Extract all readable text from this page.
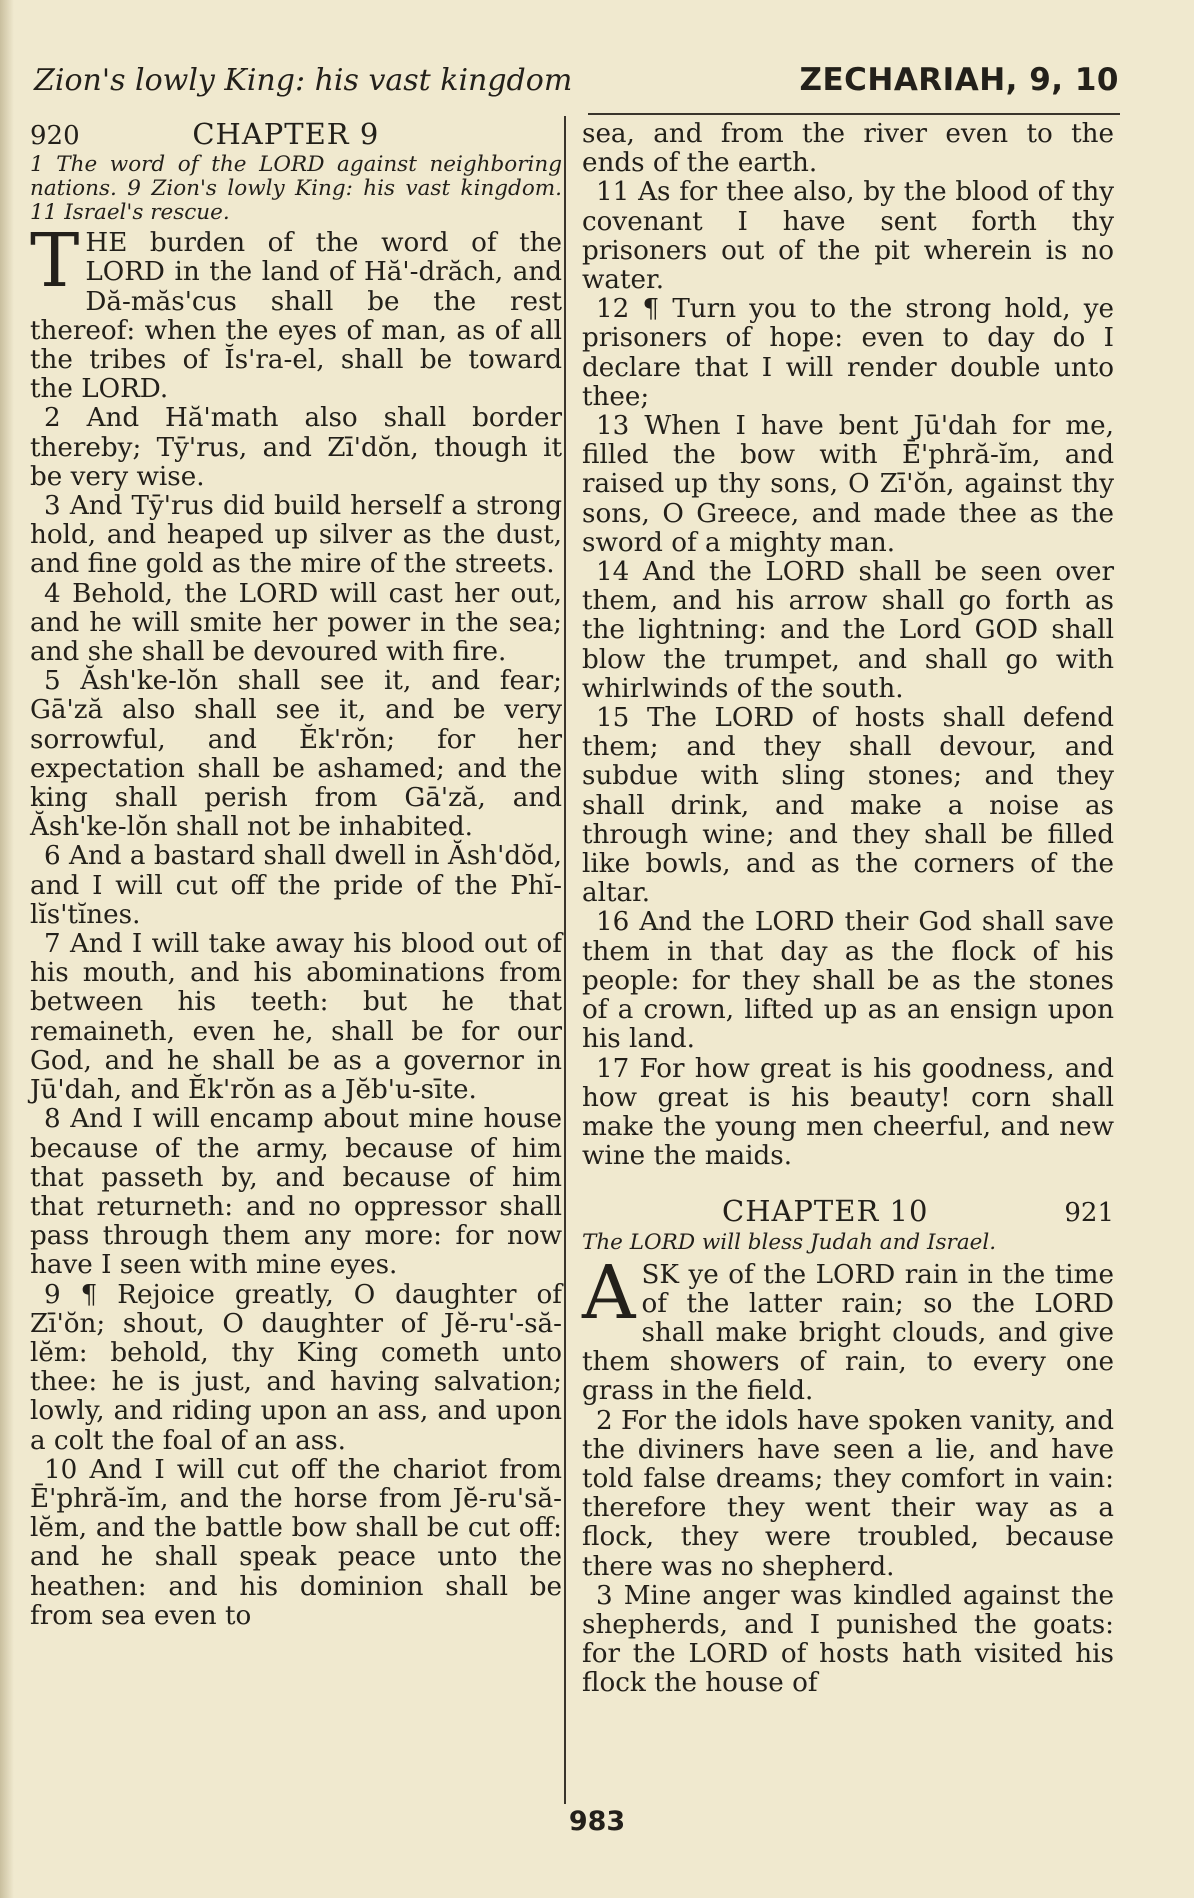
Zion's lowly King: his vast kingdom	ZECHARIAH, 9, 10
920	CHAPTER 9

1 The word of the LORD against neighboring nations. 9 Zion's lowly King: his vast kingdom. 11 Israel's rescue.

THE burden of the word of the LORD in the land of Hă'-drăch, and Dă-măs'cus shall be the rest thereof: when the eyes of man, as of all the tribes of Ĭs'ra-el, shall be toward the LORD.

2 And Hă'math also shall border thereby; Tȳ'rus, and Zī'dŏn, though it be very wise.

3 And Tȳ'rus did build herself a strong hold, and heaped up silver as the dust, and fine gold as the mire of the streets.

4 Behold, the LORD will cast her out, and he will smite her power in the sea; and she shall be devoured with fire.

5 Ăsh'ke-lŏn shall see it, and fear; Gā'ză also shall see it, and be very sorrowful, and Ĕk'rŏn; for her expectation shall be ashamed; and the king shall perish from Gā'ză, and Ăsh'ke-lŏn shall not be inhabited.

6 And a bastard shall dwell in Ăsh'dŏd, and I will cut off the pride of the Phĭ-lĭs'tĭnes.

7 And I will take away his blood out of his mouth, and his abominations from between his teeth: but he that remaineth, even he, shall be for our God, and he shall be as a governor in Jū'dah, and Ĕk'rŏn as a Jĕb'u-sīte.

8 And I will encamp about mine house because of the army, because of him that passeth by, and because of him that returneth: and no oppressor shall pass through them any more: for now have I seen with mine eyes.

9 ¶ Rejoice greatly, O daughter of Zī'ŏn; shout, O daughter of Jĕ-ru'-să-lĕm: behold, thy King cometh unto thee: he is just, and having salvation; lowly, and riding upon an ass, and upon a colt the foal of an ass.

10 And I will cut off the chariot from Ē'phră-ĭm, and the horse from Jĕ-ru'să-lĕm, and the battle bow shall be cut off: and he shall speak peace unto the heathen: and his dominion shall be from sea even to

sea, and from the river even to the ends of the earth.

11 As for thee also, by the blood of thy covenant I have sent forth thy prisoners out of the pit wherein is no water.

12 ¶ Turn you to the strong hold, ye prisoners of hope: even to day do I declare that I will render double unto thee;

13 When I have bent Jū'dah for me, filled the bow with Ē'phră-ĭm, and raised up thy sons, O Zī'ŏn, against thy sons, O Greece, and made thee as the sword of a mighty man.

14 And the LORD shall be seen over them, and his arrow shall go forth as the lightning: and the Lord GOD shall blow the trumpet, and shall go with whirlwinds of the south.

15 The LORD of hosts shall defend them; and they shall devour, and subdue with sling stones; and they shall drink, and make a noise as through wine; and they shall be filled like bowls, and as the corners of the altar.

16 And the LORD their God shall save them in that day as the flock of his people: for they shall be as the stones of a crown, lifted up as an ensign upon his land.

17 For how great is his goodness, and how great is his beauty! corn shall make the young men cheerful, and new wine the maids.

CHAPTER 10	921

The LORD will bless Judah and Israel.

ASK ye of the LORD rain in the time of the latter rain; so the LORD shall make bright clouds, and give them showers of rain, to every one grass in the field.

2 For the idols have spoken vanity, and the diviners have seen a lie, and have told false dreams; they comfort in vain: therefore they went their way as a flock, they were troubled, because there was no shepherd.

3 Mine anger was kindled against the shepherds, and I punished the goats: for the LORD of hosts hath visited his flock the house of

983
